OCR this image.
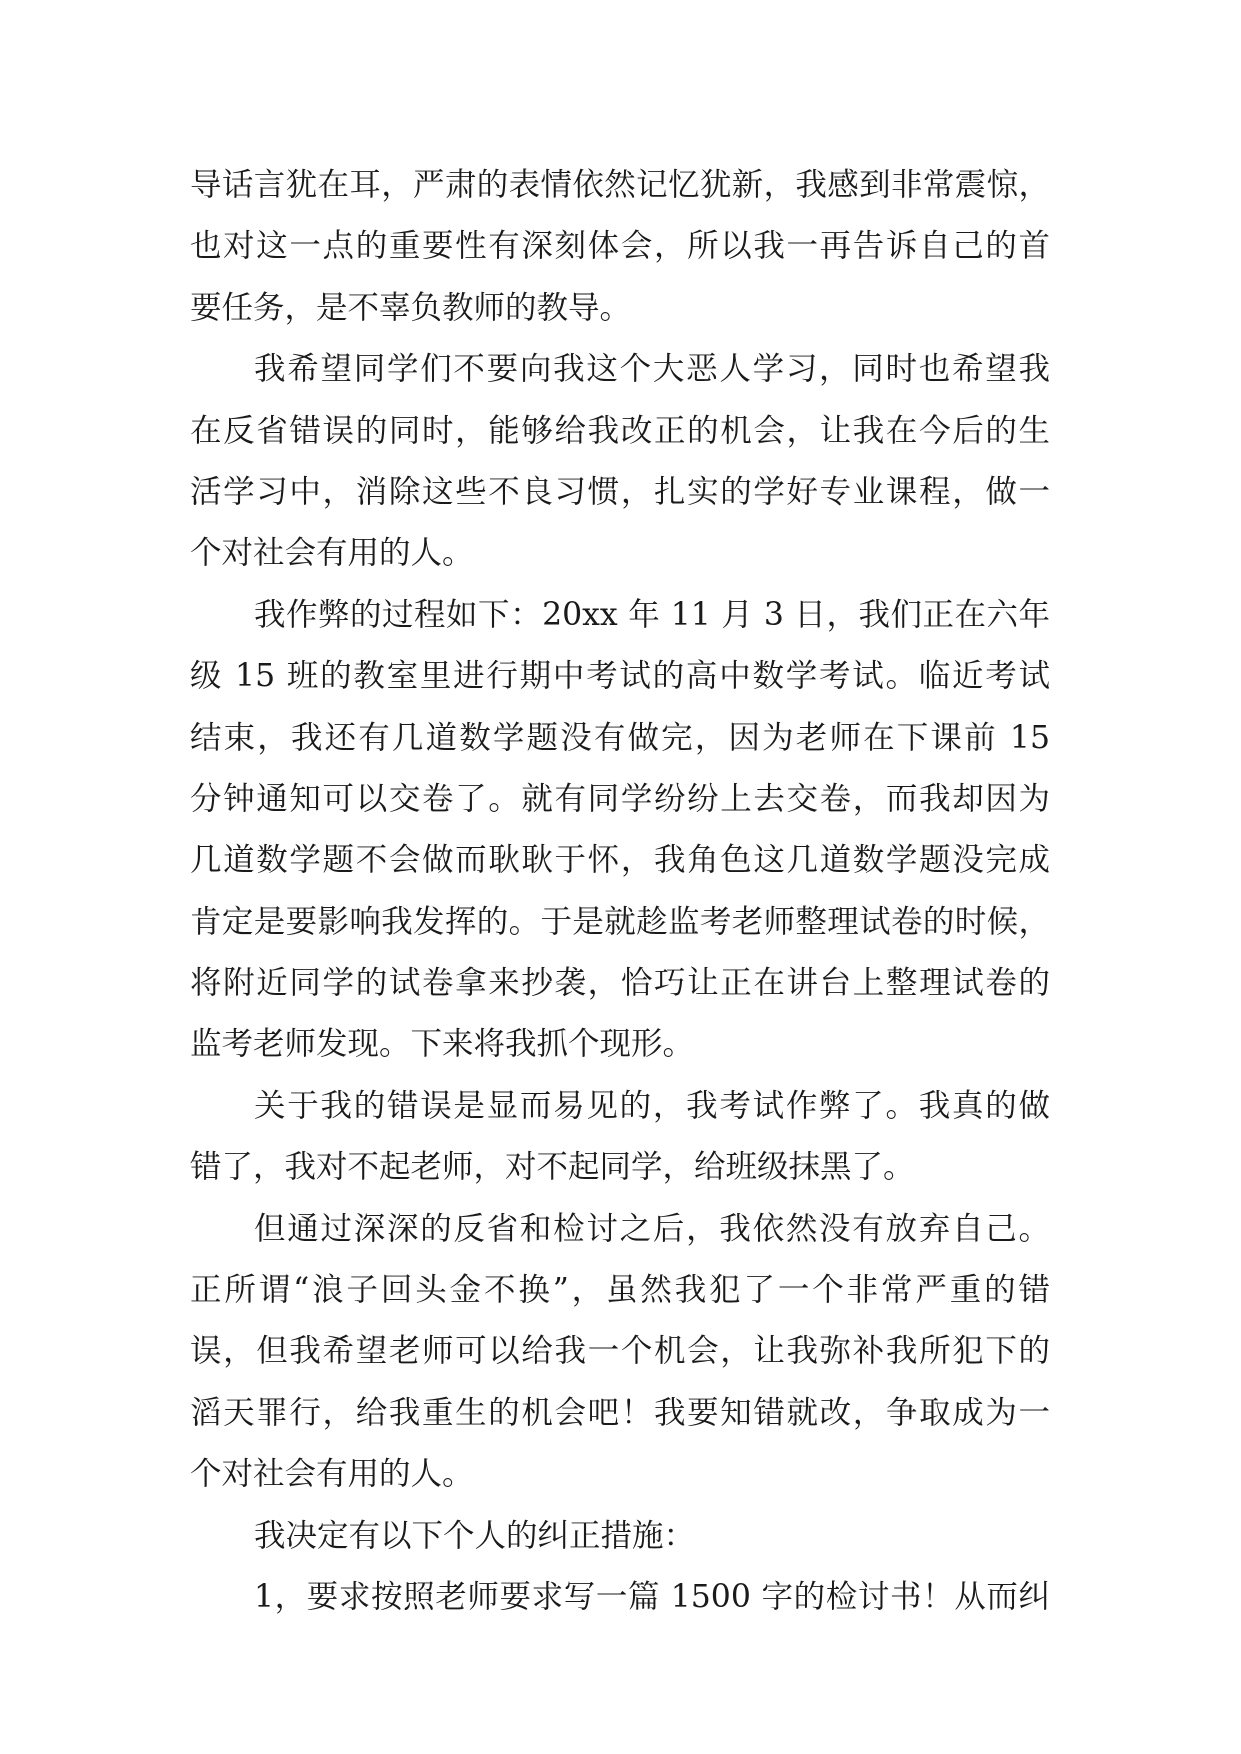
导话言犹在耳，严肃的表情依然记忆犹新，我感到非常震惊，
也对这一点的重要性有深刻体会，所以我一再告诉自己的首
要任务，是不辜负教师的教导。
我希望同学们不要向我这个大恶人学习，同时也希望我
在反省错误的同时，能够给我改正的机会，让我在今后的生
活学习中，消除这些不良习惯，扎实的学好专业课程，做一
个对社会有用的人。
我作弊的过程如下：20xx 年 11 月 3 日，我们正在六年
级 15 班的教室里进行期中考试的高中数学考试。临近考试
结束，我还有几道数学题没有做完，因为老师在下课前 15
分钟通知可以交卷了。就有同学纷纷上去交卷，而我却因为
几道数学题不会做而耿耿于怀，我角色这几道数学题没完成
肯定是要影响我发挥的。于是就趁监考老师整理试卷的时候，
将附近同学的试卷拿来抄袭，恰巧让正在讲台上整理试卷的
监考老师发现。下来将我抓个现形。
关于我的错误是显而易见的，我考试作弊了。我真的做
错了，我对不起老师，对不起同学，给班级抹黑了。
但通过深深的反省和检讨之后，我依然没有放弃自己。
正所谓“浪子回头金不换”，虽然我犯了一个非常严重的错
误，但我希望老师可以给我一个机会，让我弥补我所犯下的
滔天罪行，给我重生的机会吧！我要知错就改，争取成为一
个对社会有用的人。
我决定有以下个人的纠正措施：
1，要求按照老师要求写一篇 1500 字的检讨书！从而纠
